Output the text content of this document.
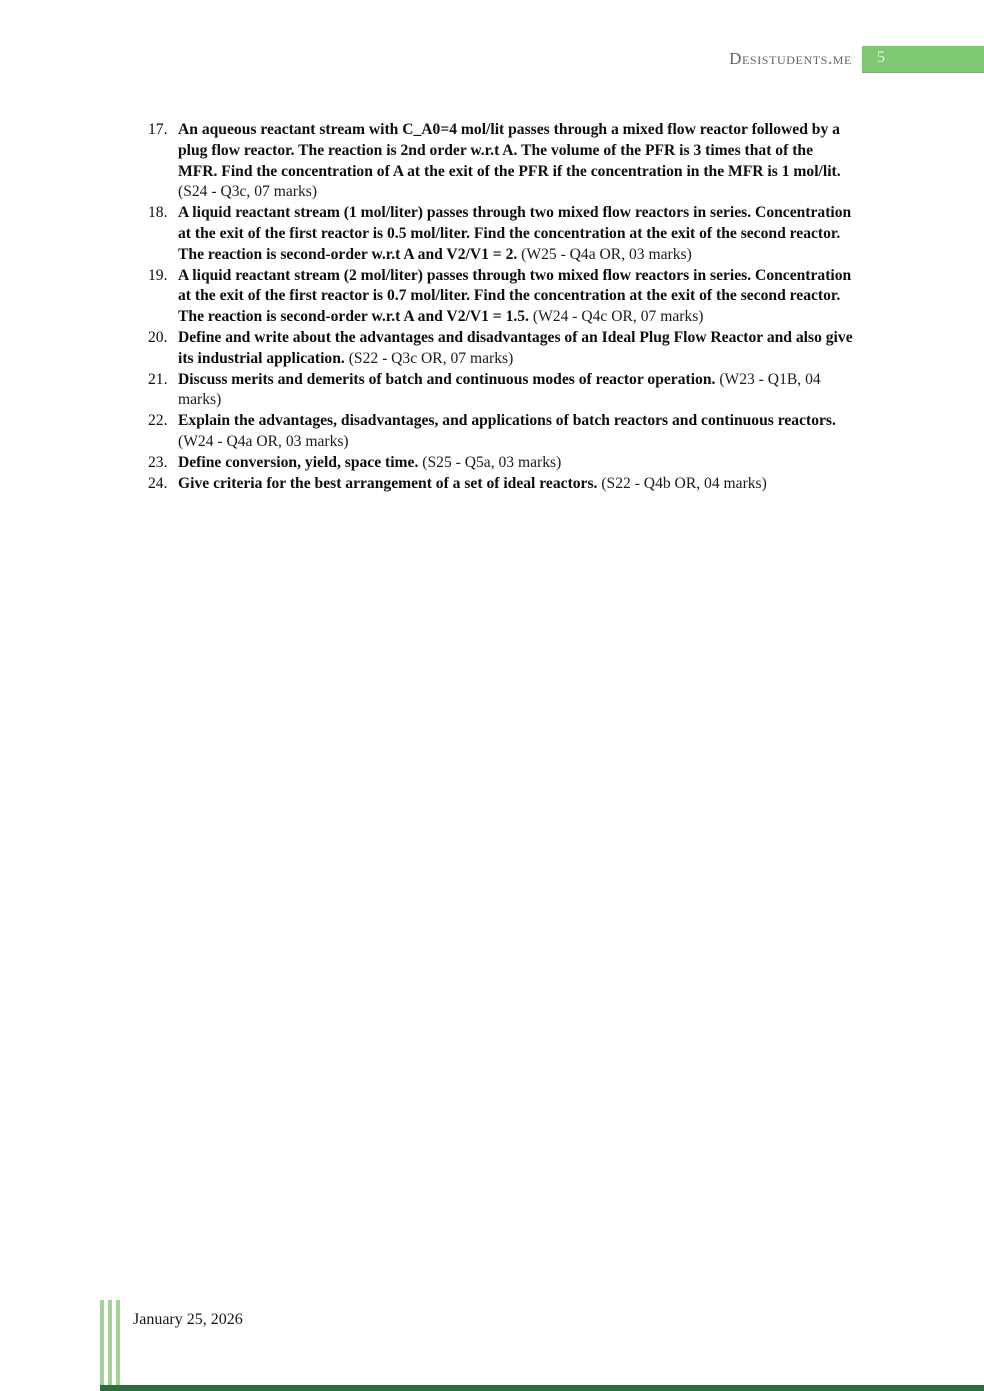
Desistudents.me	5
17. An aqueous reactant stream with C_A0=4 mol/lit passes through a mixed flow reactor followed by a plug flow reactor. The reaction is 2nd order w.r.t A. The volume of the PFR is 3 times that of the MFR. Find the concentration of A at the exit of the PFR if the concentration in the MFR is 1 mol/lit. (S24 - Q3c, 07 marks)
18. A liquid reactant stream (1 mol/liter) passes through two mixed flow reactors in series. Concentration at the exit of the first reactor is 0.5 mol/liter. Find the concentration at the exit of the second reactor. The reaction is second-order w.r.t A and V2/V1 = 2. (W25 - Q4a OR, 03 marks)
19. A liquid reactant stream (2 mol/liter) passes through two mixed flow reactors in series. Concentration at the exit of the first reactor is 0.7 mol/liter. Find the concentration at the exit of the second reactor. The reaction is second-order w.r.t A and V2/V1 = 1.5. (W24 - Q4c OR, 07 marks)
20. Define and write about the advantages and disadvantages of an Ideal Plug Flow Reactor and also give its industrial application. (S22 - Q3c OR, 07 marks)
21. Discuss merits and demerits of batch and continuous modes of reactor operation. (W23 - Q1B, 04 marks)
22. Explain the advantages, disadvantages, and applications of batch reactors and continuous reactors. (W24 - Q4a OR, 03 marks)
23. Define conversion, yield, space time. (S25 - Q5a, 03 marks)
24. Give criteria for the best arrangement of a set of ideal reactors. (S22 - Q4b OR, 04 marks)
January 25, 2026
